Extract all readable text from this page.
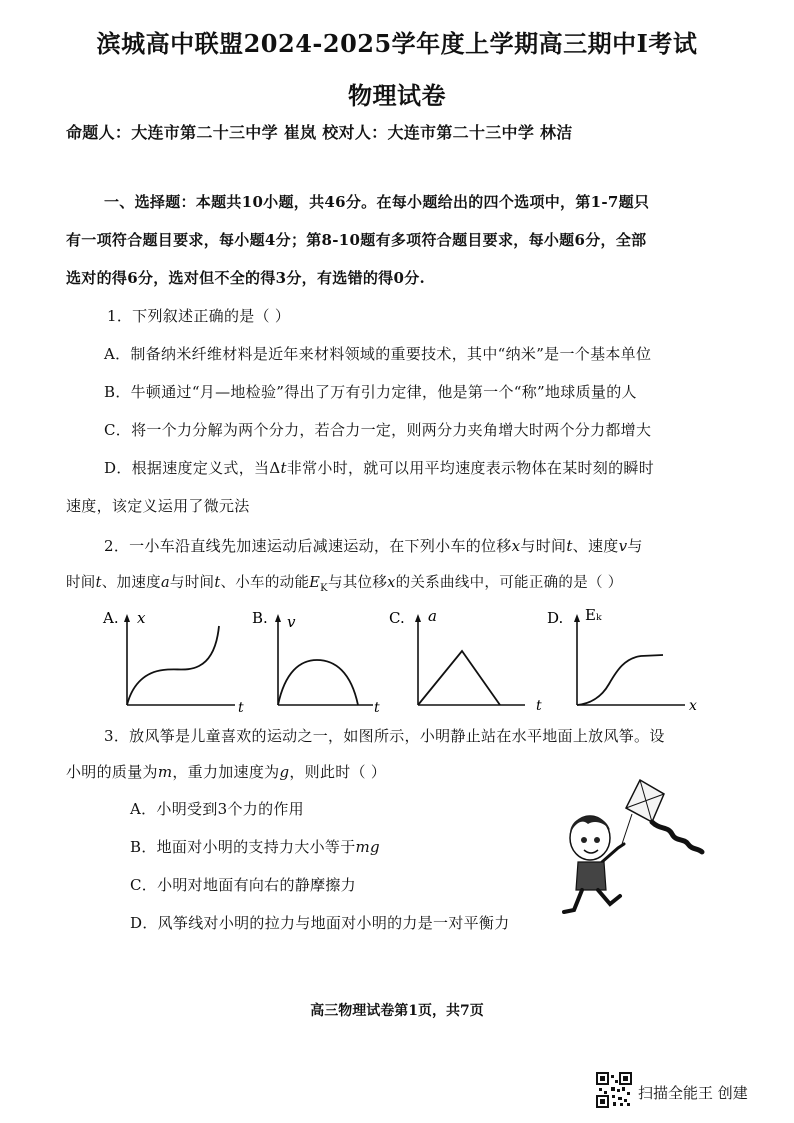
滨城高中联盟2024-2025学年度上学期高三期中Ⅰ考试
物理试卷
命题人：大连市第二十三中学 崔岚 校对人：大连市第二十三中学 林洁
一、选择题：本题共10小题，共46分。在每小题给出的四个选项中，第1-7题只
有一项符合题目要求，每小题4分；第8-10题有多项符合题目要求，每小题6分，全部
选对的得6分，选对但不全的得3分，有选错的得0分.
1．下列叙述正确的是（ ）
A．制备纳米纤维材料是近年来材料领域的重要技术，其中“纳米”是一个基本单位
B．牛顿通过“月—地检验”得出了万有引力定律，他是第一个“称”地球质量的人
C．将一个力分解为两个分力，若合力一定，则两分力夹角增大时两个分力都增大
D．根据速度定义式，当Δt非常小时，就可以用平均速度表示物体在某时刻的瞬时
速度，该定义运用了微元法
2．一小车沿直线先加速运动后减速运动，在下列小车的位移x与时间t、速度v与
时间t、加速度a与时间t、小车的动能$E_K$与其位移x的关系曲线中，可能正确的是（ ）
A. x
t
B. v
t
C. a
t
D. Eₖ
x
3．放风筝是儿童喜欢的运动之一，如图所示，小明静止站在水平地面上放风筝。设
小明的质量为m，重力加速度为g，则此时（ ）
A．小明受到3个力的作用
B．地面对小明的支持力大小等于mg
C．小明对地面有向右的静摩擦力
D．风筝线对小明的拉力与地面对小明的力是一对平衡力
高三物理试卷第1页，共7页
扫描全能王 创建
